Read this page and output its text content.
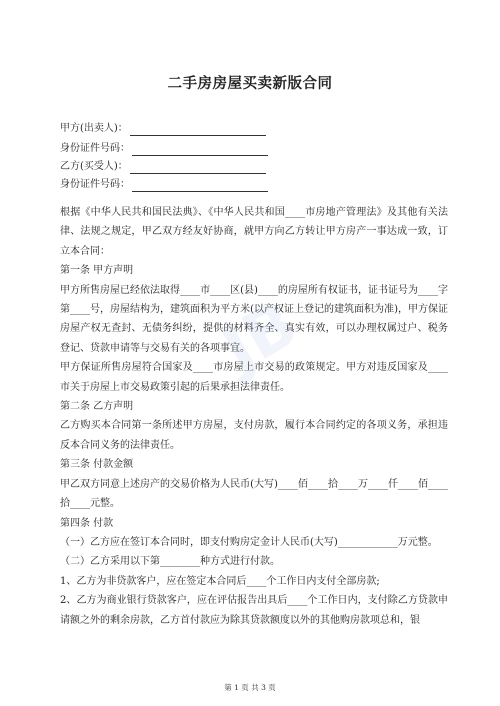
二手房房屋买卖新版合同
甲方(出卖人)：
身份证件号码：
乙方(买受人)：
身份证件号码：

根据《中华人民共和国民法典》、《中华人民共和国____市房地产管理法》及其他有关法律、法规之规定，甲乙双方经友好协商，就甲方向乙方转让甲方房产一事达成一致，订立本合同：

第一条 甲方声明

甲方所售房屋已经依法取得____市____区(县)____的房屋所有权证书，证书证号为____字第____号，房屋结构为，建筑面积为平方米(以产权证上登记的建筑面积为准)，甲方保证房屋产权无查封、无债务纠纷，提供的材料齐全、真实有效，可以办理权属过户、税务登记、贷款申请等与交易有关的各项事宜。

甲方保证所售房屋符合国家及____市房屋上市交易的政策规定。甲方对违反国家及____市关于房屋上市交易政策引起的后果承担法律责任。

第二条 乙方声明

乙方购买本合同第一条所述甲方房屋，支付房款，履行本合同约定的各项义务，承担违反本合同义务的法律责任。

第三条 付款金额

甲乙双方同意上述房产的交易价格为人民币(大写)____佰____拾____万____仟____佰____拾____元整。

第四条 付款

（一）乙方应在签订本合同时，即支付购房定金计人民币(大写)____________万元整。

（二）乙方采用以下第________种方式进行付款。

1、乙方为非贷款客户，应在签定本合同后____个工作日内支付全部房款;

2、乙方为商业银行贷款客户，应在评估报告出具后____个工作日内，支付除乙方贷款申请额之外的剩余房款，乙方首付款应为除其贷款额度以外的其他购房款项总和，银

JB
第 1 页 共 3 页
